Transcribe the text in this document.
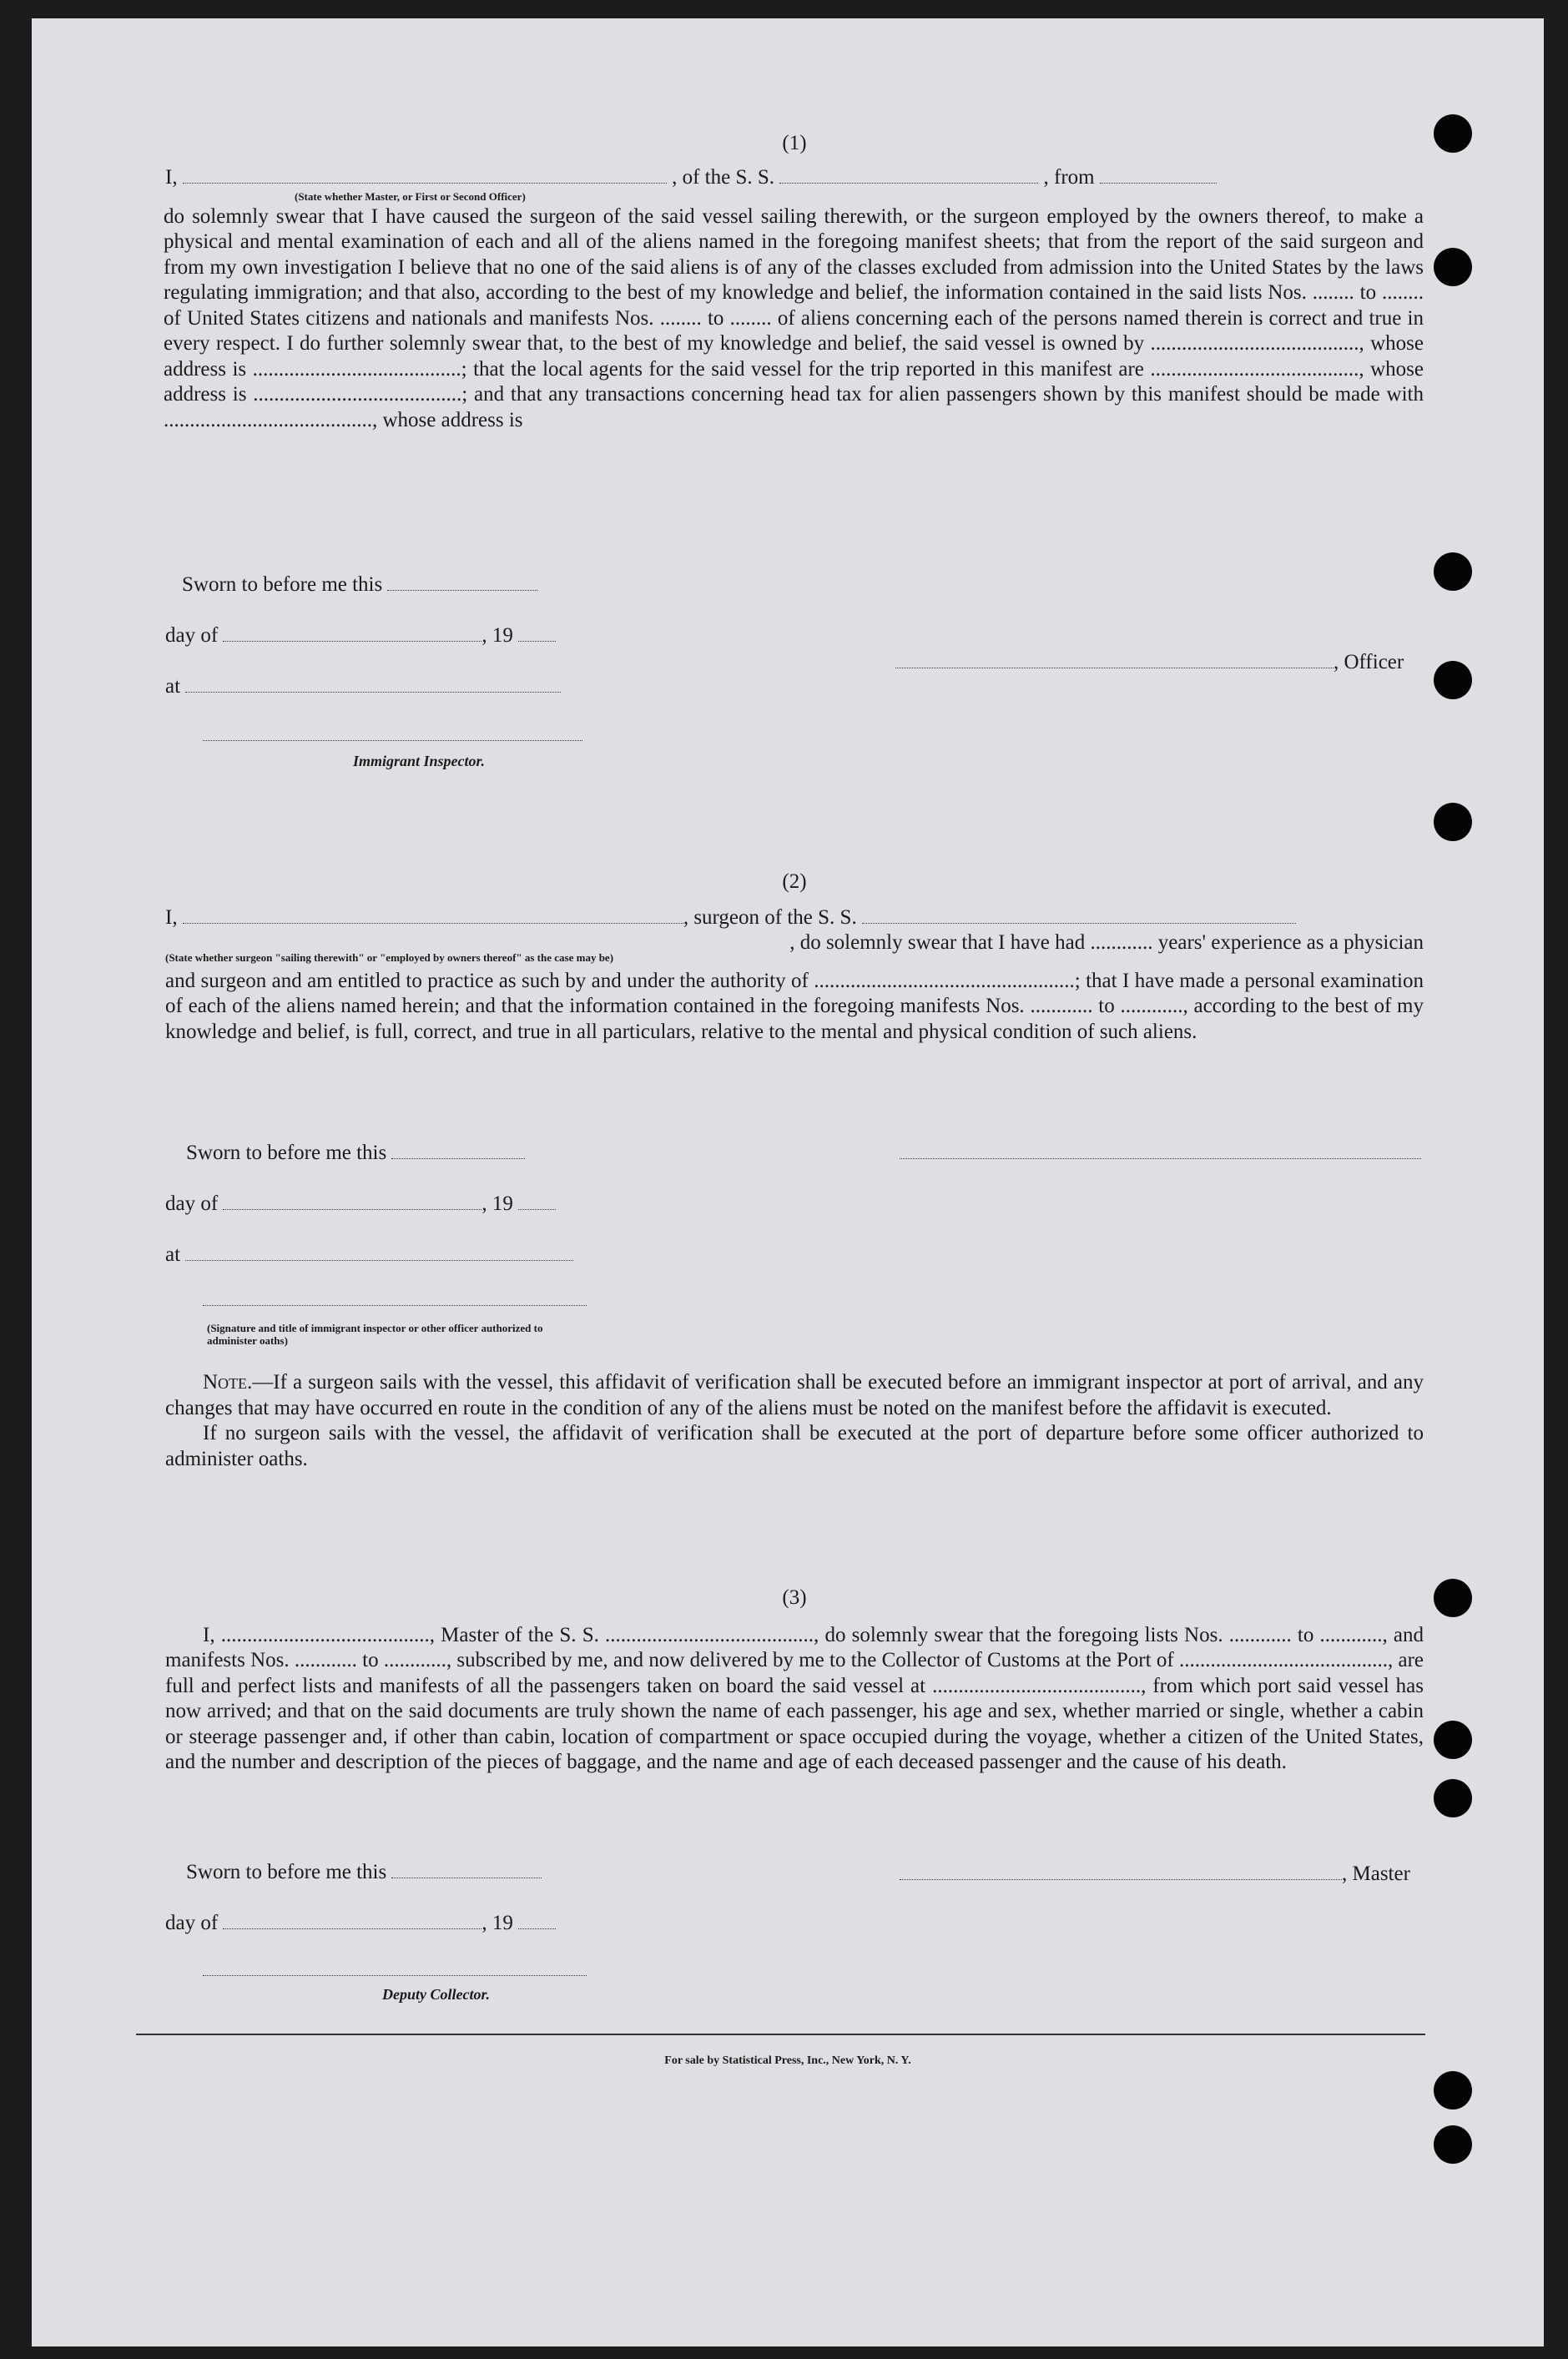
(1)
I,	, of the S. S.	, from
(State whether Master, or First or Second Officer)

do solemnly swear that I have caused the surgeon of the said vessel sailing therewith, or the surgeon employed by the owners thereof, to make a physical and mental examination of each and all of the aliens named in the foregoing manifest sheets; that from the report of the said surgeon and from my own investigation I believe that no one of the said aliens is of any of the classes excluded from admission into the United States by the laws regulating immigration; and that also, according to the best of my knowledge and belief, the information contained in the said lists Nos. ........ to ........ of United States citizens and nationals and manifests Nos. ........ to ........ of aliens concerning each of the persons named therein is correct and true in every respect. I do further solemnly swear that, to the best of my knowledge and belief, the said vessel is owned by ........................................, whose address is ........................................; that the local agents for the said vessel for the trip reported in this manifest are ........................................, whose address is ........................................; and that any transactions concerning head tax for alien passengers shown by this manifest should be made with ........................................, whose address is

Sworn to before me this
day of	, 19
, Officer
at
Immigrant Inspector.
(2)
I,	, surgeon of the S. S.
, do solemnly swear that I have had ............ years' experience as a physician
(State whether surgeon "sailing therewith" or "employed by owners thereof" as the case may be)

and surgeon and am entitled to practice as such by and under the authority of ..................................................; that I have made a personal examination of each of the aliens named herein; and that the information contained in the foregoing manifests Nos. ............ to ............, according to the best of my knowledge and belief, is full, correct, and true in all particulars, relative to the mental and physical condition of such aliens.

Sworn to before me this
day of	, 19
at
(Signature and title of immigrant inspector or other officer authorized to administer oaths)

Note.—If a surgeon sails with the vessel, this affidavit of verification shall be executed before an immigrant inspector at port of arrival, and any changes that may have occurred en route in the condition of any of the aliens must be noted on the manifest before the affidavit is executed.

If no surgeon sails with the vessel, the affidavit of verification shall be executed at the port of departure before some officer authorized to administer oaths.

(3)

I, ........................................, Master of the S. S. ........................................, do solemnly swear that the foregoing lists Nos. ............ to ............, and manifests Nos. ............ to ............, subscribed by me, and now delivered by me to the Collector of Customs at the Port of ........................................, are full and perfect lists and manifests of all the passengers taken on board the said vessel at ........................................, from which port said vessel has now arrived; and that on the said documents are truly shown the name of each passenger, his age and sex, whether married or single, whether a cabin or steerage passenger and, if other than cabin, location of compartment or space occupied during the voyage, whether a citizen of the United States, and the number and description of the pieces of baggage, and the name and age of each deceased passenger and the cause of his death.

Sworn to before me this	, Master
day of	, 19
Deputy Collector.
For sale by Statistical Press, Inc., New York, N. Y.
